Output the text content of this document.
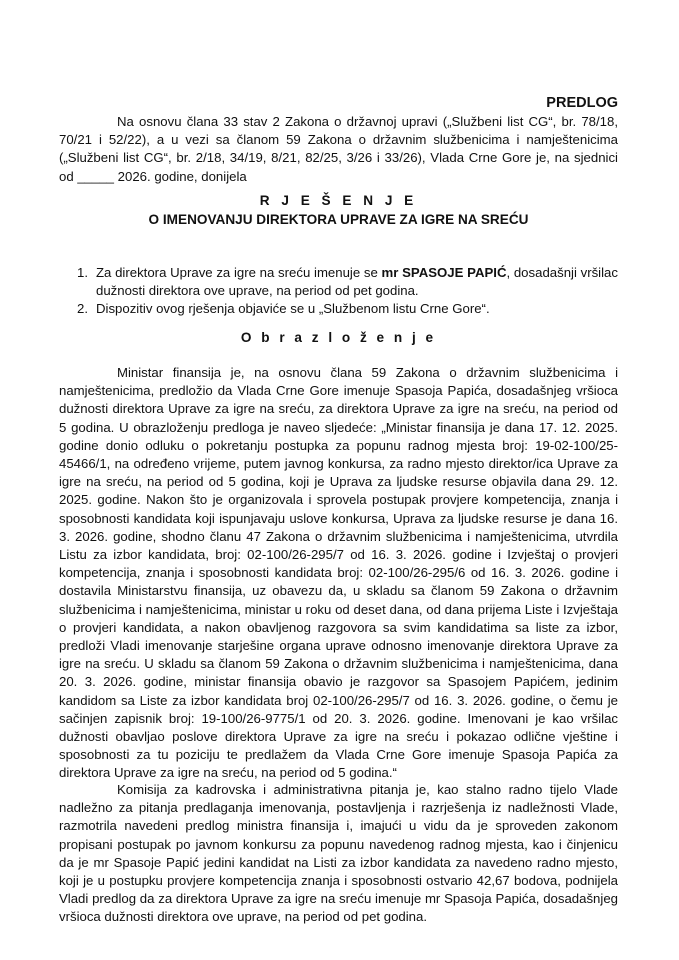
PREDLOG
Na osnovu člana 33 stav 2 Zakona o državnoj upravi („Službeni list CG“, br. 78/18, 70/21 i 52/22), a u vezi sa članom 59 Zakona o državnim službenicima i namještenicima („Službeni list CG“, br. 2/18, 34/19, 8/21, 82/25, 3/26 i 33/26), Vlada Crne Gore je, na sjednici od _____ 2026. godine, donijela
R J E Š E N J E
O IMENOVANJU DIREKTORA UPRAVE ZA IGRE NA SREĆU
1. Za direktora Uprave za igre na sreću imenuje se mr SPASOJE PAPIĆ, dosadašnji vršilac dužnosti direktora ove uprave, na period od pet godina.
2. Dispozitiv ovog rješenja objaviće se u „Službenom listu Crne Gore“.
O b r a z l o ž e n j e
Ministar finansija je, na osnovu člana 59 Zakona o državnim službenicima i namještenicima, predložio da Vlada Crne Gore imenuje Spasoja Papića, dosadašnjeg vršioca dužnosti direktora Uprave za igre na sreću, za direktora Uprave za igre na sreću, na period od 5 godina. U obrazloženju predloga je naveo sljedeće: „Ministar finansija je dana 17. 12. 2025. godine donio odluku o pokretanju postupka za popunu radnog mjesta broj: 19-02-100/25-45466/1, na određeno vrijeme, putem javnog konkursa, za radno mjesto direktor/ica Uprave za igre na sreću, na period od 5 godina, koji je Uprava za ljudske resurse objavila dana 29. 12. 2025. godine. Nakon što je organizovala i sprovela postupak provjere kompetencija, znanja i sposobnosti kandidata koji ispunjavaju uslove konkursa, Uprava za ljudske resurse je dana 16. 3. 2026. godine, shodno članu 47 Zakona o državnim službenicima i namještenicima, utvrdila Listu za izbor kandidata, broj: 02-100/26-295/7 od 16. 3. 2026. godine i Izvještaj o provjeri kompetencija, znanja i sposobnosti kandidata broj: 02-100/26-295/6 od 16. 3. 2026. godine i dostavila Ministarstvu finansija, uz obavezu da, u skladu sa članom 59 Zakona o državnim službenicima i namještenicima, ministar u roku od deset dana, od dana prijema Liste i Izvještaja o provjeri kandidata, a nakon obavljenog razgovora sa svim kandidatima sa liste za izbor, predloži Vladi imenovanje starješine organa uprave odnosno imenovanje direktora Uprave za igre na sreću. U skladu sa članom 59 Zakona o državnim službenicima i namještenicima, dana 20. 3. 2026. godine, ministar finansija obavio je razgovor sa Spasojem Papićem, jedinim kandidom sa Liste za izbor kandidata broj 02-100/26-295/7 od 16. 3. 2026. godine, o čemu je sačinjen zapisnik broj: 19-100/26-9775/1 od 20. 3. 2026. godine. Imenovani je kao vršilac dužnosti obavljao poslove direktora Uprave za igre na sreću i pokazao odlične vještine i sposobnosti za tu poziciju te predlažem da Vlada Crne Gore imenuje Spasoja Papića za direktora Uprave za igre na sreću, na period od 5 godina.“
Komisija za kadrovska i administrativna pitanja je, kao stalno radno tijelo Vlade nadležno za pitanja predlaganja imenovanja, postavljenja i razrješenja iz nadležnosti Vlade, razmotrila navedeni predlog ministra finansija i, imajući u vidu da je sproveden zakonom propisani postupak po javnom konkursu za popunu navedenog radnog mjesta, kao i činjenicu da je mr Spasoje Papić jedini kandidat na Listi za izbor kandidata za navedeno radno mjesto, koji je u postupku provjere kompetencija znanja i sposobnosti ostvario 42,67 bodova, podnijela Vladi predlog da za direktora Uprave za igre na sreću imenuje mr Spasoja Papića, dosadašnjeg vršioca dužnosti direktora ove uprave, na period od pet godina.
